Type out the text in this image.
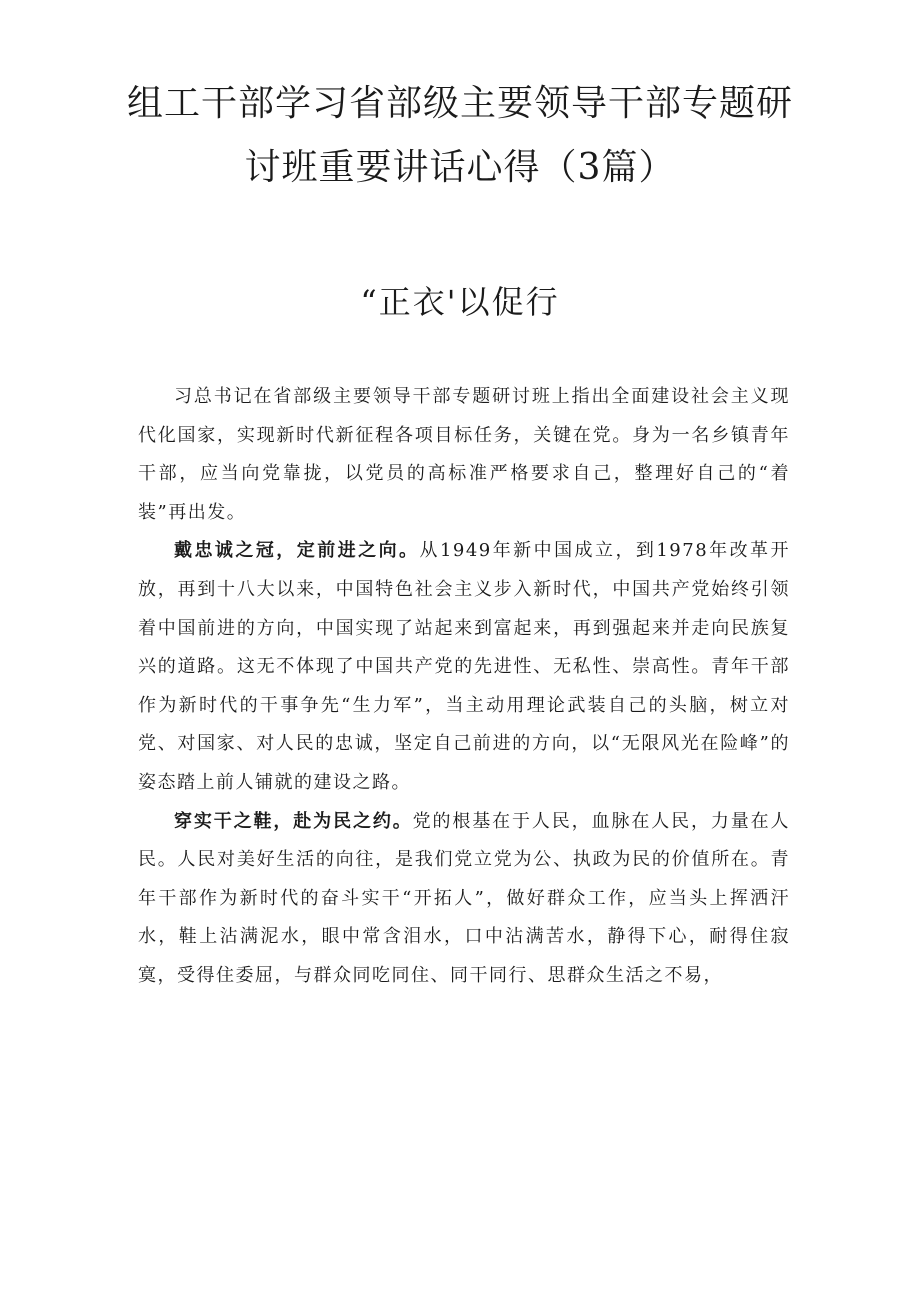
组工干部学习省部级主要领导干部专题研
讨班重要讲话心得（3篇）
“正衣'以促行

习总书记在省部级主要领导干部专题研讨班上指出全面建设社会主义现代化国家，实现新时代新征程各项目标任务，关键在党。身为一名乡镇青年干部，应当向党靠拢，以党员的高标准严格要求自己，整理好自己的“着装”再出发。

戴忠诚之冠，定前进之向。从1949年新中国成立，到1978年改革开放，再到十八大以来，中国特色社会主义步入新时代，中国共产党始终引领着中国前进的方向，中国实现了站起来到富起来，再到强起来并走向民族复兴的道路。这无不体现了中国共产党的先进性、无私性、崇高性。青年干部作为新时代的干事争先“生力军”，当主动用理论武装自己的头脑，树立对党、对国家、对人民的忠诚，坚定自己前进的方向，以“无限风光在险峰”的姿态踏上前人铺就的建设之路。

穿实干之鞋，赴为民之约。党的根基在于人民，血脉在人民，力量在人民。人民对美好生活的向往，是我们党立党为公、执政为民的价值所在。青年干部作为新时代的奋斗实干“开拓人”，做好群众工作，应当头上挥洒汗水，鞋上沾满泥水，眼中常含泪水，口中沾满苦水，静得下心，耐得住寂寞，受得住委屈，与群众同吃同住、同干同行、思群众生活之不易，
